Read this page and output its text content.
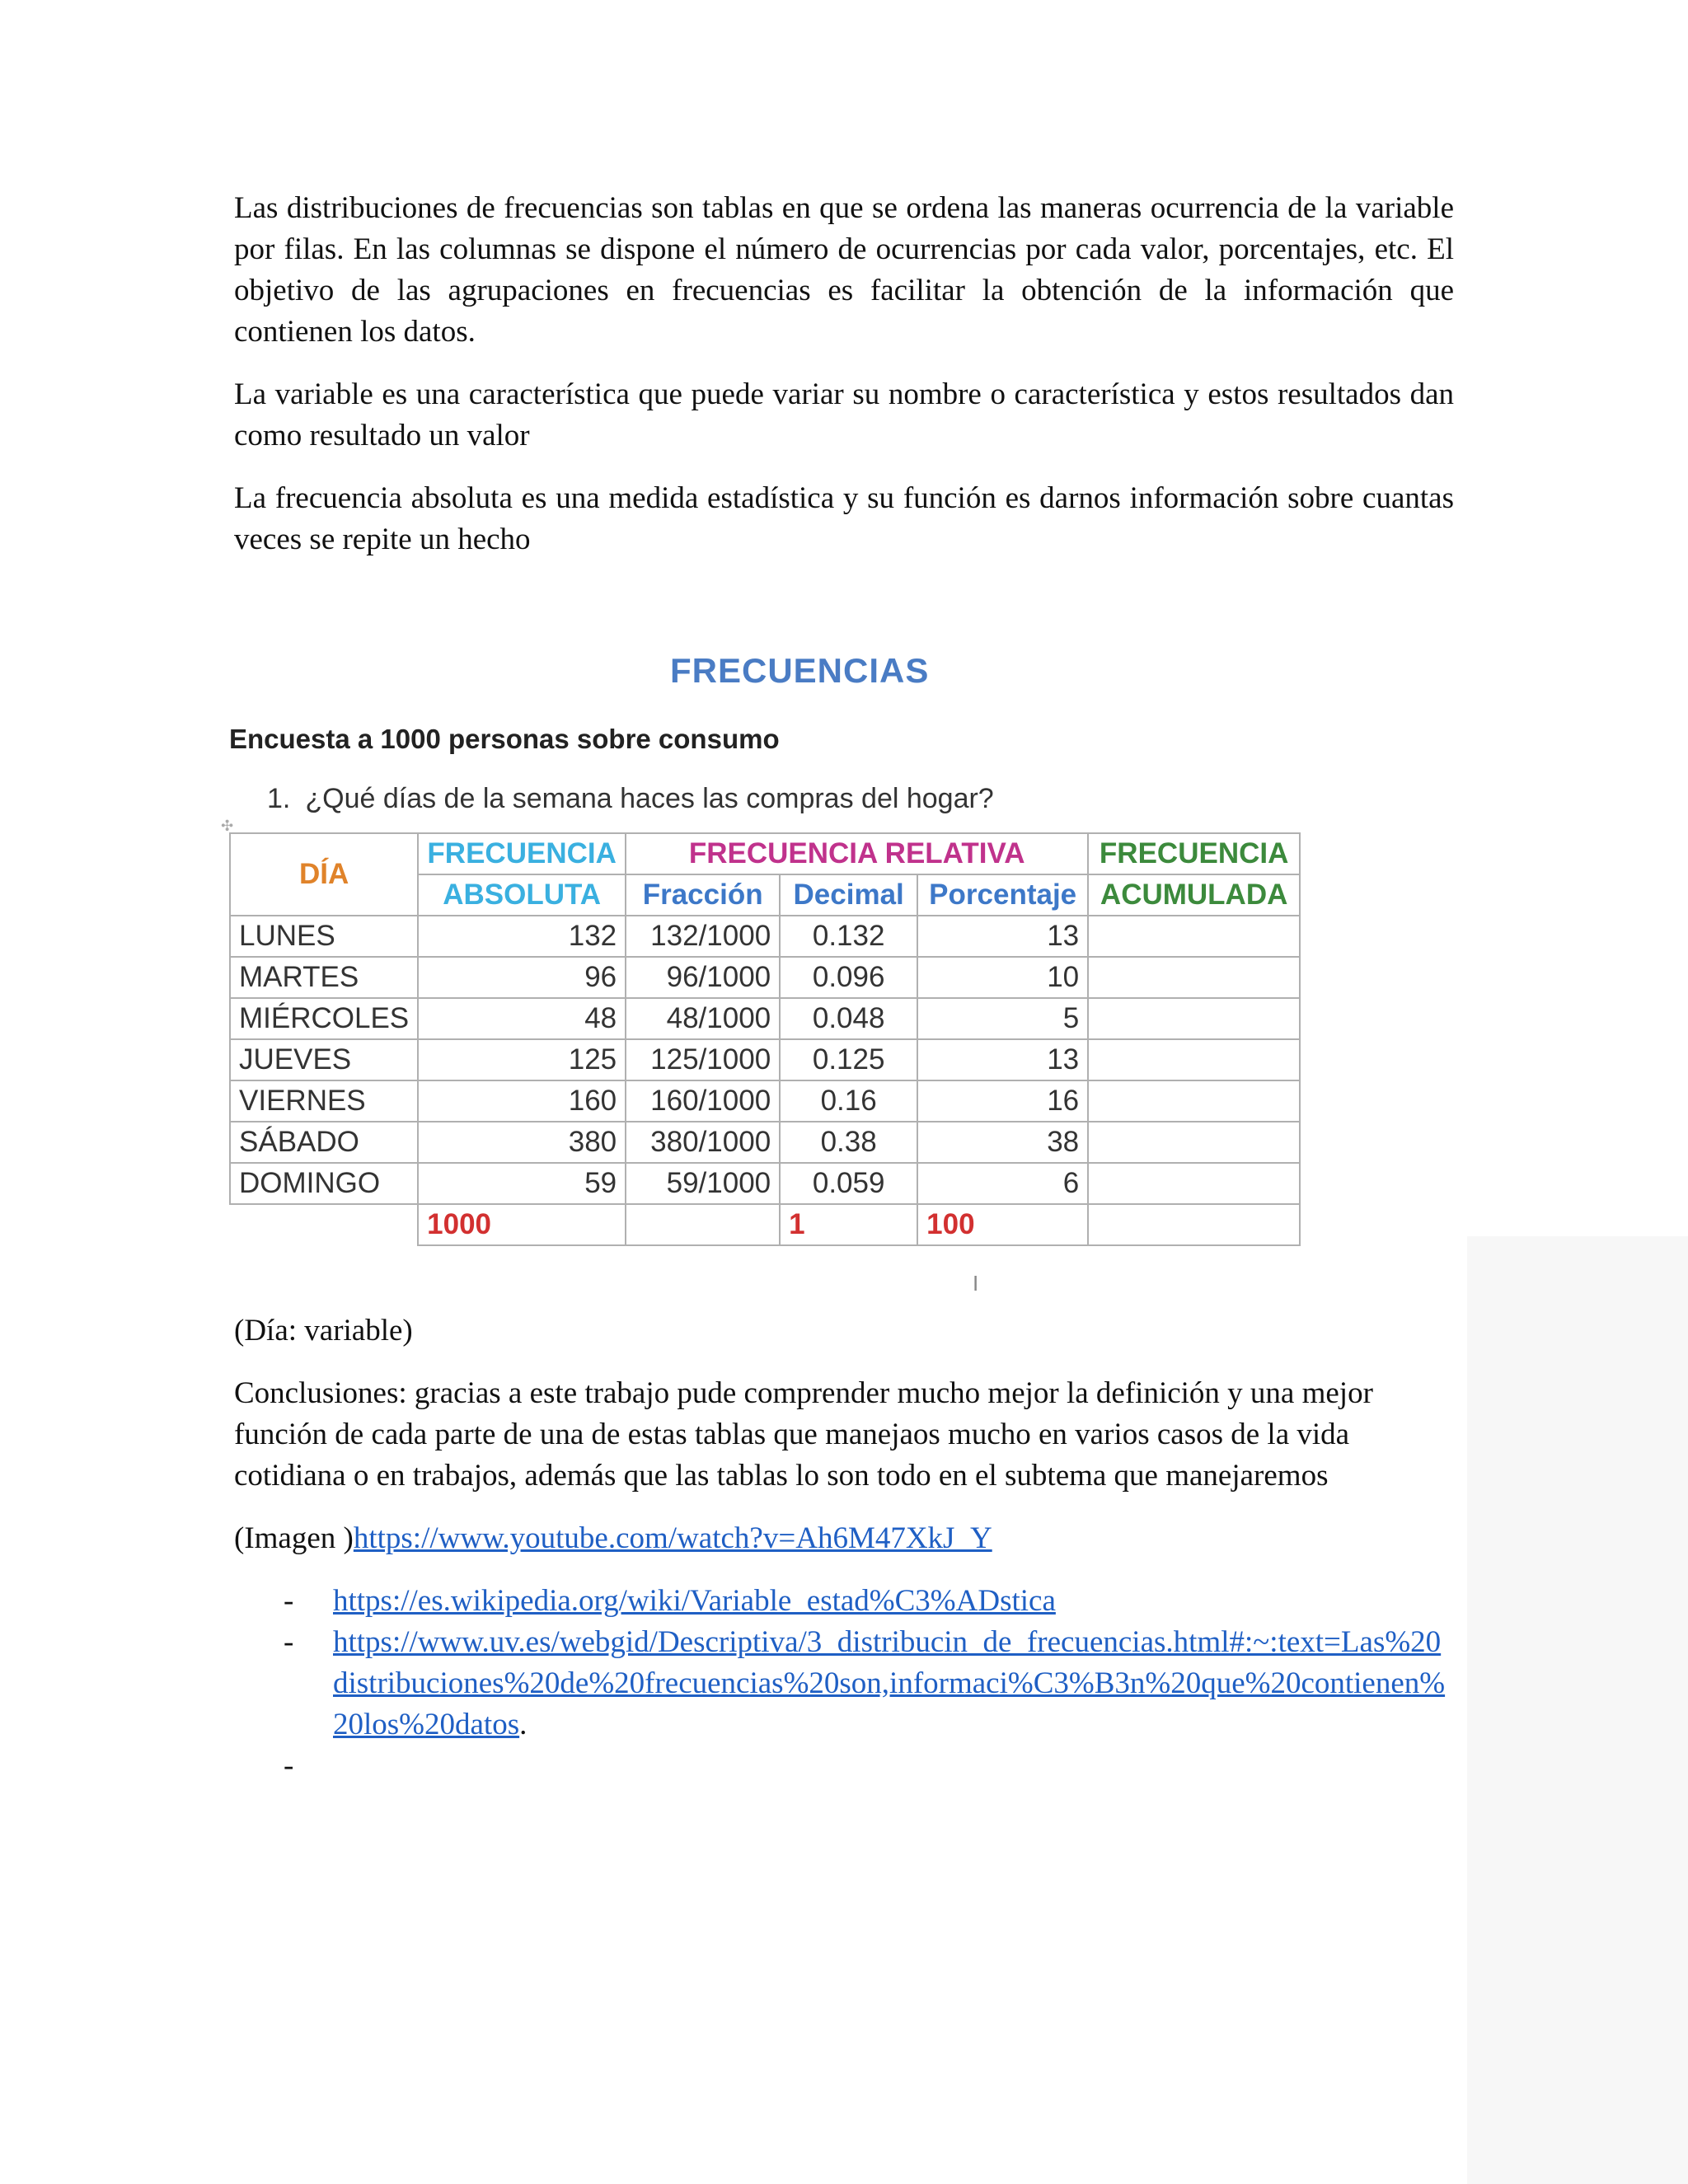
Las distribuciones de frecuencias son tablas en que se ordena las maneras ocurrencia de la variable por filas. En las columnas se dispone el número de ocurrencias por cada valor, porcentajes, etc. El objetivo de las agrupaciones en frecuencias es facilitar la obtención de la información que contienen los datos.

La variable es una característica que puede variar su nombre o característica y estos resultados dan como resultado un valor

La frecuencia absoluta es una medida estadística y su función es darnos información sobre cuantas veces se repite un hecho

FRECUENCIAS
Encuesta a 1000 personas sobre consumo
1. ¿Qué días de la semana haces las compras del hogar?
✣
DÍA	FRECUENCIA	FRECUENCIA RELATIVA			FRECUENCIA
	ABSOLUTA	Fracción	Decimal	Porcentaje	ACUMULADA
LUNES	132	132/1000	0.132	13	
MARTES	96	96/1000	0.096	10	
MIÉRCOLES	48	48/1000	0.048	5	
JUEVES	125	125/1000	0.125	13	
VIERNES	160	160/1000	0.16	16	
SÁBADO	380	380/1000	0.38	38	
DOMINGO	59	59/1000	0.059	6	
	1000		1	100	
I

(Día: variable)

Conclusiones: gracias a este trabajo pude comprender mucho mejor la definición y una mejor función de cada parte de una de estas tablas que manejaos mucho en varios casos de la vida cotidiana o en trabajos, además que las tablas lo son todo en el subtema que manejaremos

(Imagen )https://www.youtube.com/watch?v=Ah6M47XkJ_Y

- https://es.wikipedia.org/wiki/Variable_estad%C3%ADstica
- https://www.uv.es/webgid/Descriptiva/3_distribucin_de_frecuencias.html#:~:text=Las%20distribuciones%20de%20frecuencias%20son,informaci%C3%B3n%20que%20contienen%20los%20datos.
-
